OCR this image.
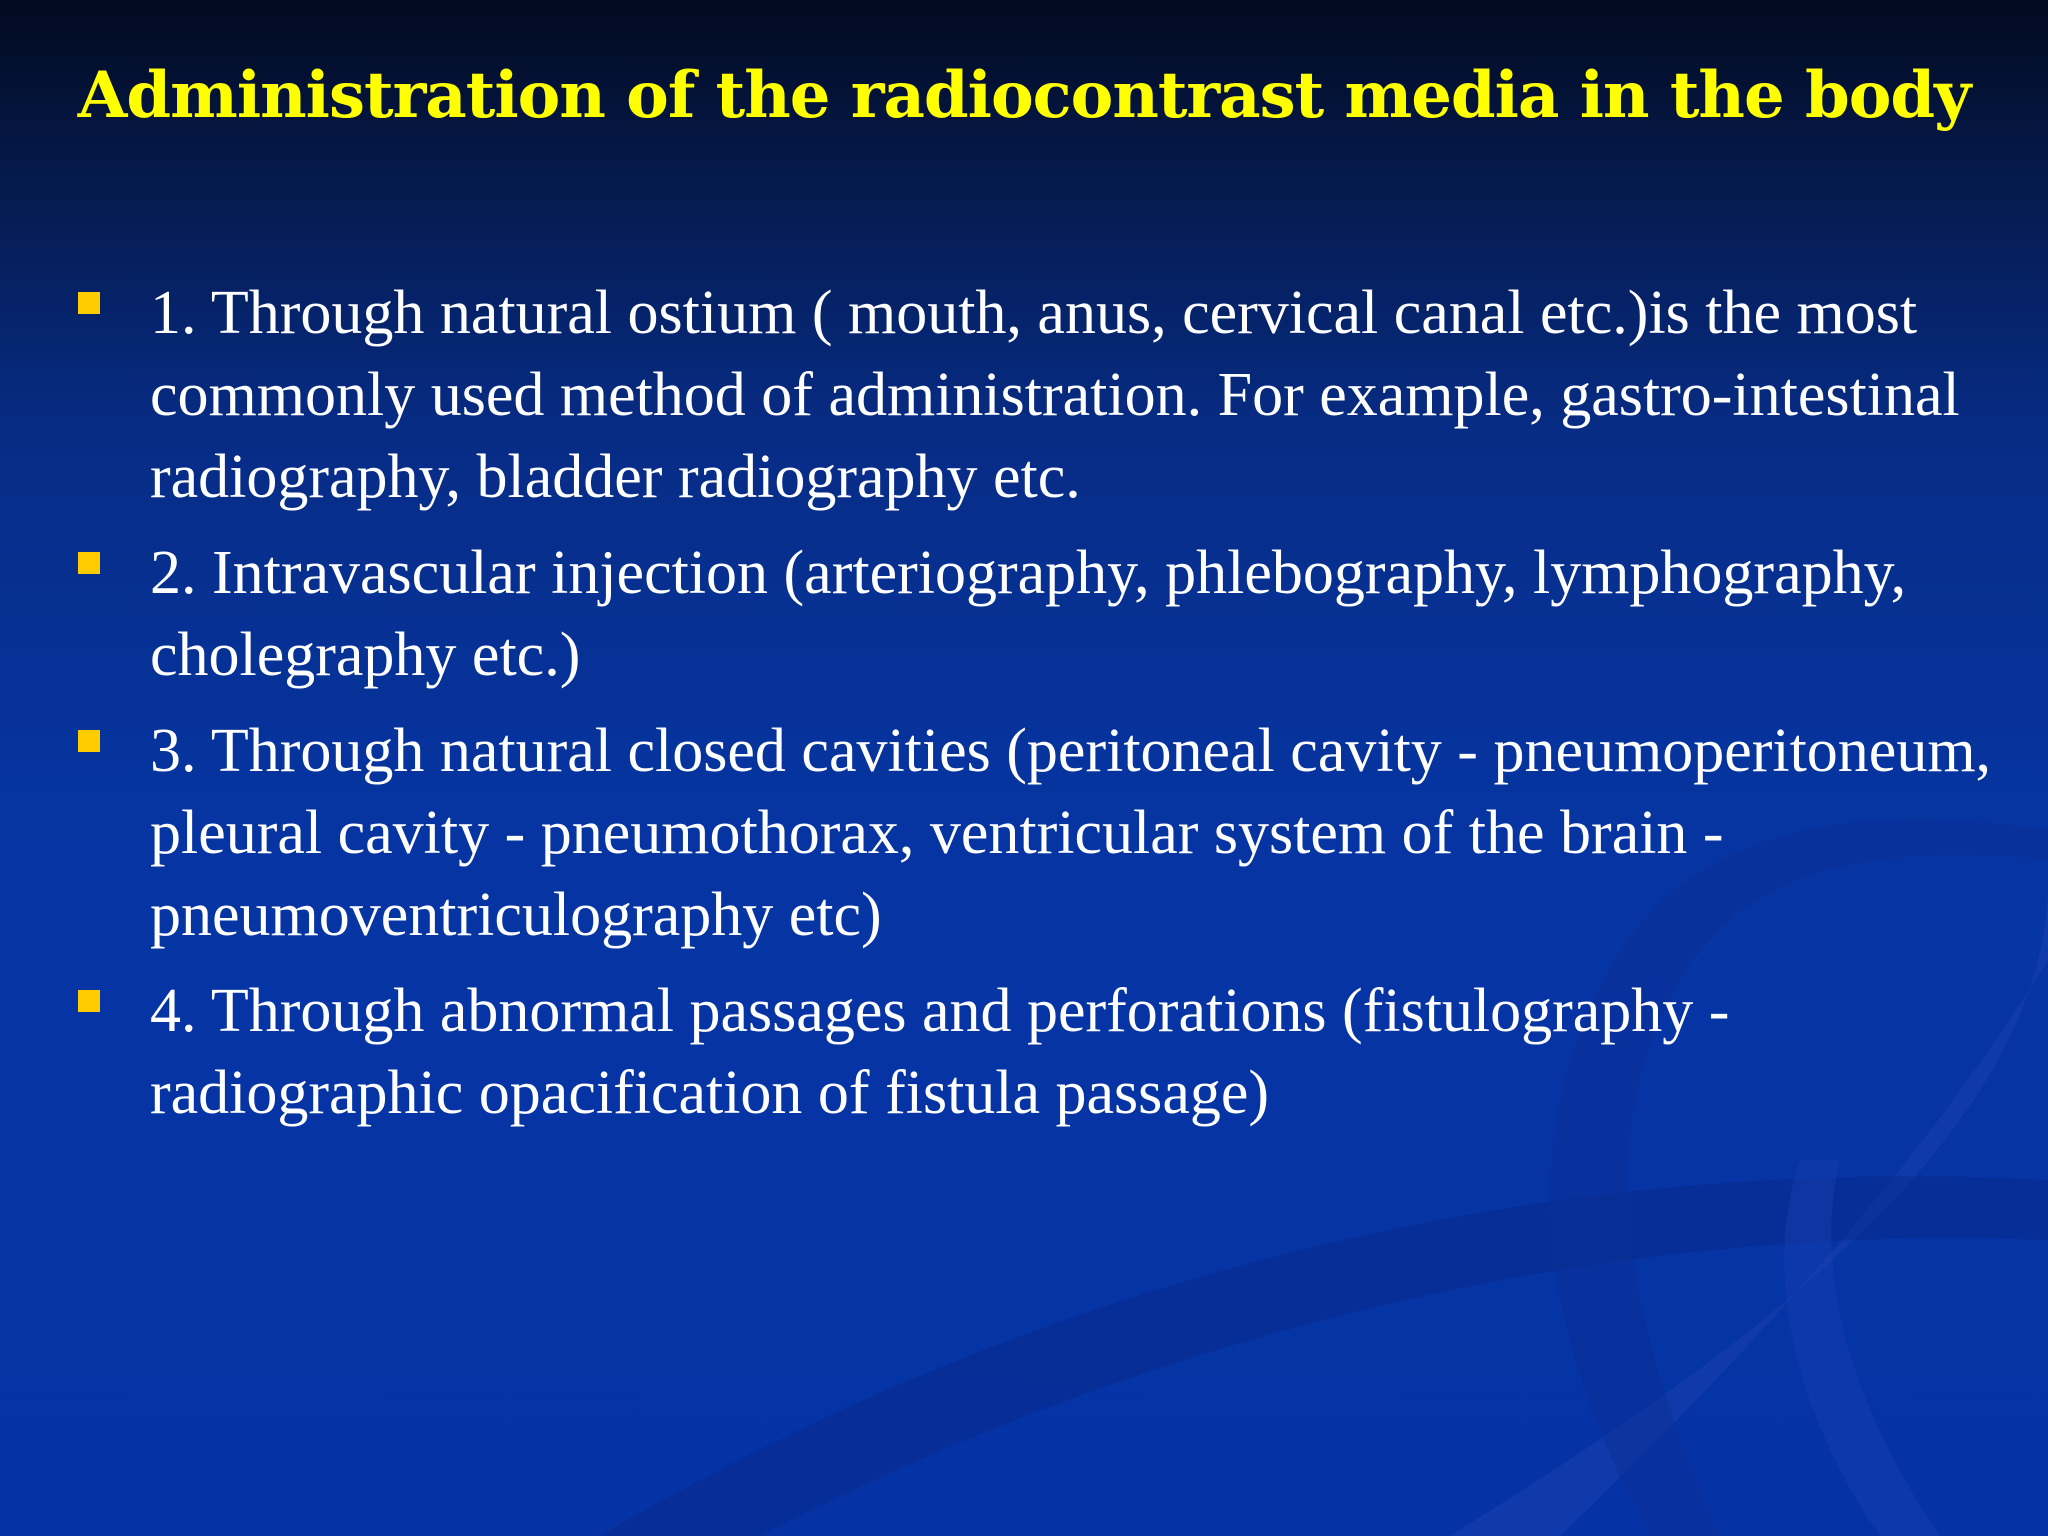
Administration of the radiocontrast media in the body
1. Through natural ostium ( mouth, anus, cervical canal etc.)is the most commonly used method of administration. For example, gastro-intestinal radiography, bladder radiography etc.
2. Intravascular injection (arteriography, phlebography, lymphography, cholegraphy etc.)
3. Through natural closed cavities (peritoneal cavity - pneumoperitoneum, pleural cavity - pneumothorax, ventricular system of the brain - pneumoventriculography etc)
4. Through abnormal passages and perforations (fistulography - radiographic opacification of fistula passage)
